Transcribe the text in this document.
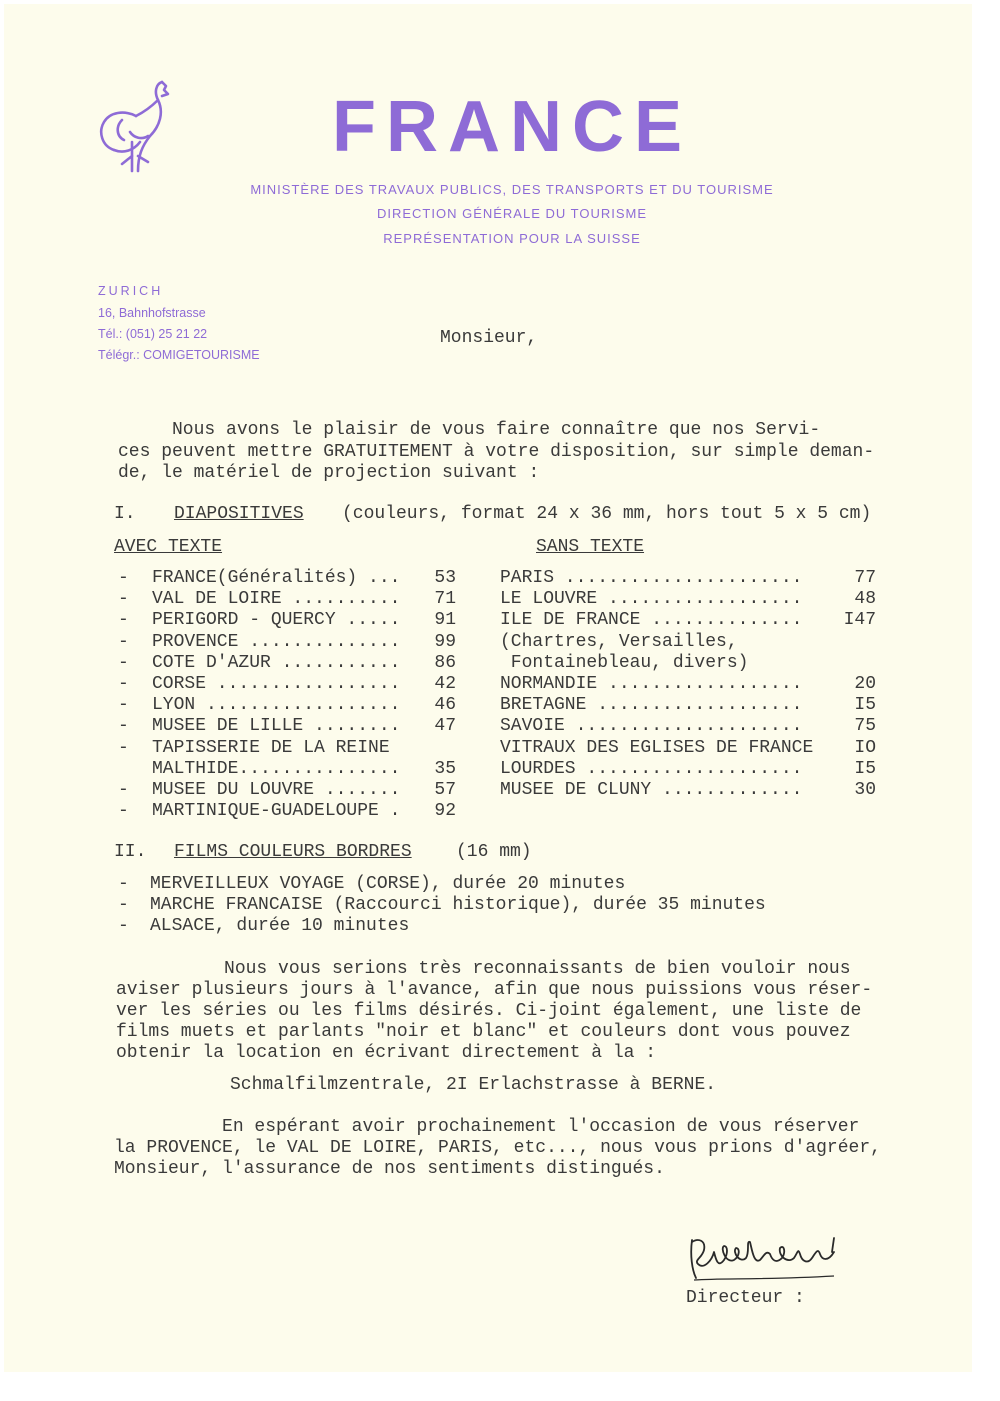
FRANCE
MINISTÈRE DES TRAVAUX PUBLICS, DES TRANSPORTS ET DU TOURISME
DIRECTION GÉNÉRALE DU TOURISME
REPRÉSENTATION POUR LA SUISSE
ZURICH
16, Bahnhofstrasse
Tél.: (051) 25 21 22
Télégr.: COMIGETOURISME
Monsieur,
Nous avons le plaisir de vous faire connaître que nos Servi-
ces peuvent mettre GRATUITEMENT à votre disposition, sur simple deman-
de, le matériel de projection suivant :
I. DIAPOSITIVES (couleurs, format 24 x 36 mm, hors tout 5 x 5 cm)
AVEC TEXTE	SANS TEXTE
- FRANCE(Généralités) ...	53
- VAL DE LOIRE ..........	71
- PERIGORD - QUERCY .....	91
- PROVENCE ..............	99
- COTE D'AZUR ...........	86
- CORSE .................	42
- LYON ..................	46
- MUSEE DE LILLE ........	47
- TAPISSERIE DE LA REINE
MALTHIDE...............	35
- MUSEE DU LOUVRE .......	57
- MARTINIQUE-GUADELOUPE .	92
PARIS ......................	77
LE LOUVRE ..................	48
ILE DE FRANCE ..............	I47
(Chartres, Versailles,
Fontainebleau, divers)
NORMANDIE ..................	20
BRETAGNE ...................	I5
SAVOIE .....................	75
VITRAUX DES EGLISES DE FRANCE	IO
LOURDES ....................	I5
MUSEE DE CLUNY .............	30
II. FILMS COULEURS BORDRES (16 mm)
- MERVEILLEUX VOYAGE (CORSE), durée 20 minutes
- MARCHE FRANCAISE (Raccourci historique), durée 35 minutes
- ALSACE, durée 10 minutes
Nous vous serions très reconnaissants de bien vouloir nous
aviser plusieurs jours à l'avance, afin que nous puissions vous réser-
ver les séries ou les films désirés. Ci-joint également, une liste de
films muets et parlants "noir et blanc" et couleurs dont vous pouvez
obtenir la location en écrivant directement à la :
Schmalfilmzentrale, 2I Erlachstrasse à BERNE.
En espérant avoir prochainement l'occasion de vous réserver
la PROVENCE, le VAL DE LOIRE, PARIS, etc..., nous vous prions d'agréer,
Monsieur, l'assurance de nos sentiments distingués.
Directeur :
